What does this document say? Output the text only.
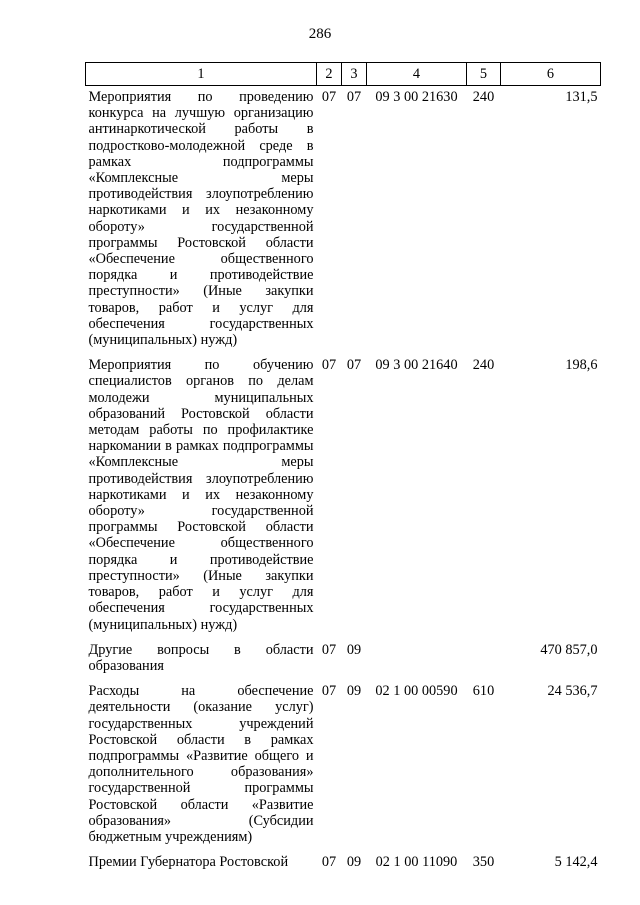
286
1	2	3	4	5	6
Мероприятия по проведению конкурса на лучшую организацию антинаркотической работы в подростково-молодежной среде в рамках подпрограммы «Комплексные меры противодействия злоупотреблению наркотиками и их незаконному обороту» государственной программы Ростовской области «Обеспечение общественного порядка и противодействие преступности» (Иные закупки товаров, работ и услуг для обеспечения государственных (муниципальных) нужд)	07	07	09 3 00 21630	240	131,5
Мероприятия по обучению специалистов органов по делам молодежи муниципальных образований Ростовской области методам работы по профилактике наркомании в рамках подпрограммы «Комплексные меры противодействия злоупотреблению наркотиками и их незаконному обороту» государственной программы Ростовской области «Обеспечение общественного порядка и противодействие преступности» (Иные закупки товаров, работ и услуг для обеспечения государственных (муниципальных) нужд)	07	07	09 3 00 21640	240	198,6
Другие вопросы в области образования	07	09			470 857,0
Расходы на обеспечение деятельности (оказание услуг) государственных учреждений Ростовской области в рамках подпрограммы «Развитие общего и дополнительного образования» государственной программы Ростовской области «Развитие образования» (Субсидии бюджетным учреждениям)	07	09	02 1 00 00590	610	24 536,7
Премии Губернатора Ростовской	07	09	02 1 00 11090	350	5 142,4
